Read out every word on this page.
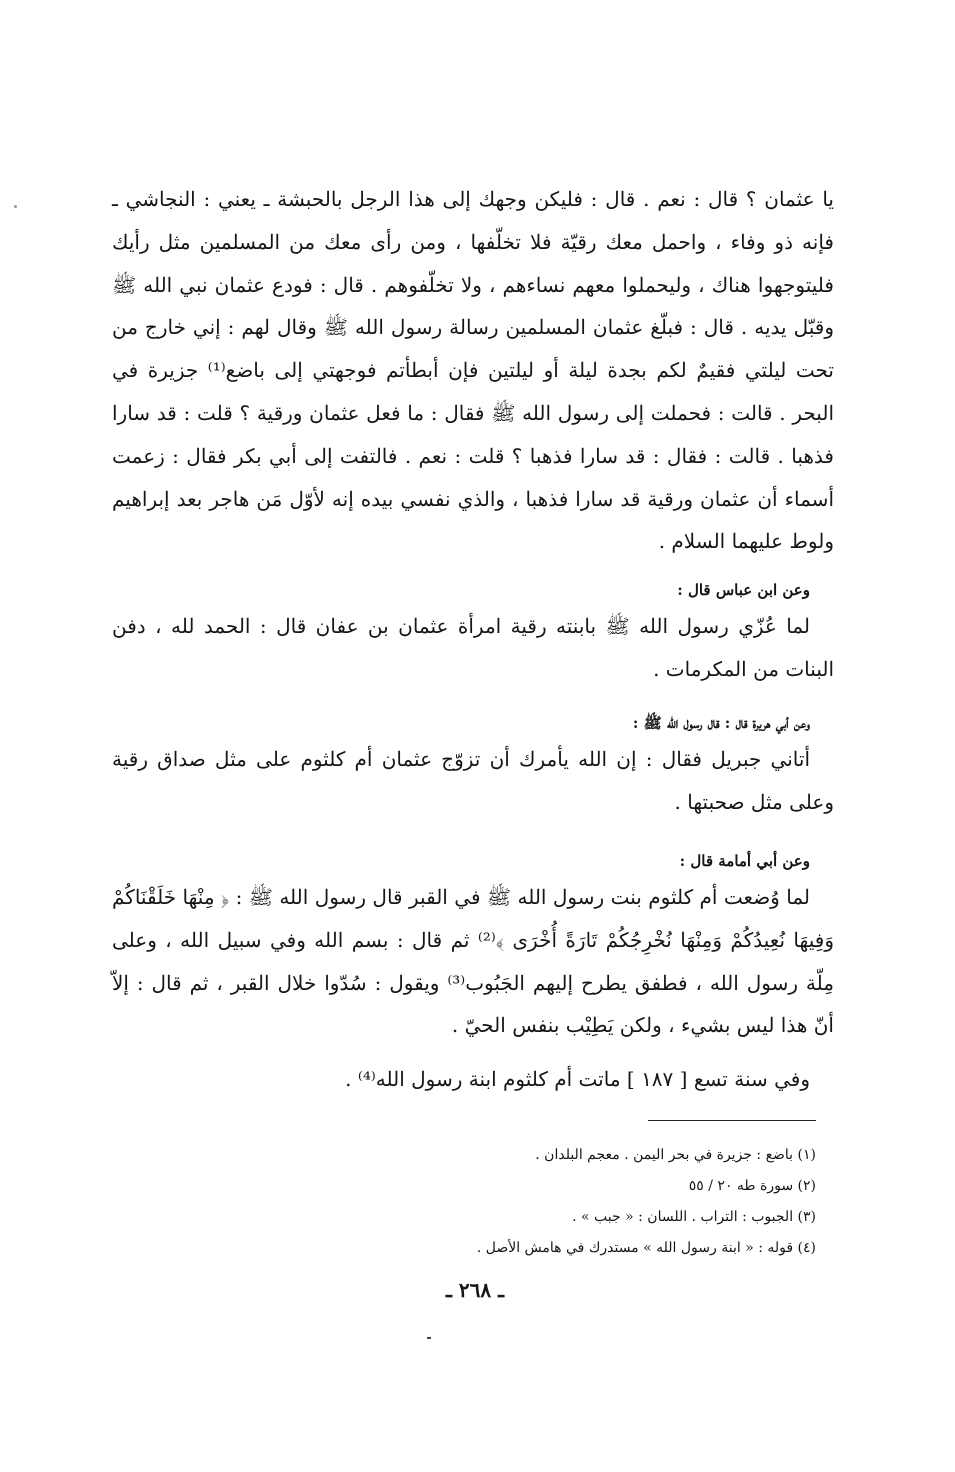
يا عثمان ؟ قال : نعم . قال : فليكن وجهك إلى هذا الرجل بالحبشة ـ يعني : النجاشي ـ فإنه ذو وفاء ، واحمل معك رقيّة فلا تخلّفها ، ومن رأى معك من المسلمين مثل رأيك فليتوجهوا هناك ، وليحملوا معهم نساءهم ، ولا تخلّفوهم . قال : فودع عثمان نبي الله ﷺ وقبّل يديه . قال : فبلّغ عثمان المسلمين رسالة رسول الله ﷺ وقال لهم : إني خارج من تحت ليلتي فقيمٌ لكم بجدة ليلة أو ليلتين فإن أبطأتم فوجهتي إلى باضع⁽¹⁾ جزيرة في البحر . قالت : فحملت إلى رسول الله ﷺ فقال : ما فعل عثمان ورقية ؟ قلت : قد سارا فذهبا . قالت : فقال : قد سارا فذهبا ؟ قلت : نعم . فالتفت إلى أبي بكر فقال : زعمت أسماء أن عثمان ورقية قد سارا فذهبا ، والذي نفسي بيده إنه لأوّل مَن هاجر بعد إبراهيم ولوط عليهما السلام .

وعن ابن عباس قال :

لما عُزّي رسول الله ﷺ بابنته رقية امرأة عثمان بن عفان قال : الحمد لله ، دفن البنات من المكرمات .

وعن أبي هريرة قال : قال رسول الله ﷺ :

أتاني جبريل فقال : إن الله يأمرك أن تزوّج عثمان أم كلثوم على مثل صداق رقية وعلى مثل صحبتها .

وعن أبي أمامة قال :

لما وُضعت أم كلثوم بنت رسول الله ﷺ في القبر قال رسول الله ﷺ : ﴿ مِنْهَا خَلَقْنَاكُمْ وَفِيهَا نُعِيدُكُمْ وَمِنْهَا نُخْرِجُكُمْ تَارَةً أُخْرَى ﴾⁽²⁾ ثم قال : بسم الله وفي سبيل الله ، وعلى مِلّة رسول الله ، فطفق يطرح إليهم الجَبُوب⁽³⁾ ويقول : سُدّوا خلال القبر ، ثم قال : إلاّ أنّ هذا ليس بشيء ، ولكن يَطِيْب بنفس الحيّ .

وفي سنة تسع [ ١٨٧ ] ماتت أم كلثوم ابنة رسول الله⁽⁴⁾ .

(١) باضع : جزيرة في بحر اليمن . معجم البلدان .
(٢) سورة طه ٢٠ / ٥٥
(٣) الجبوب : التراب . اللسان : « جبب » .
(٤) قوله : « ابنة رسول الله » مستدرك في هامش الأصل .
ـ ٢٦٨ ـ
